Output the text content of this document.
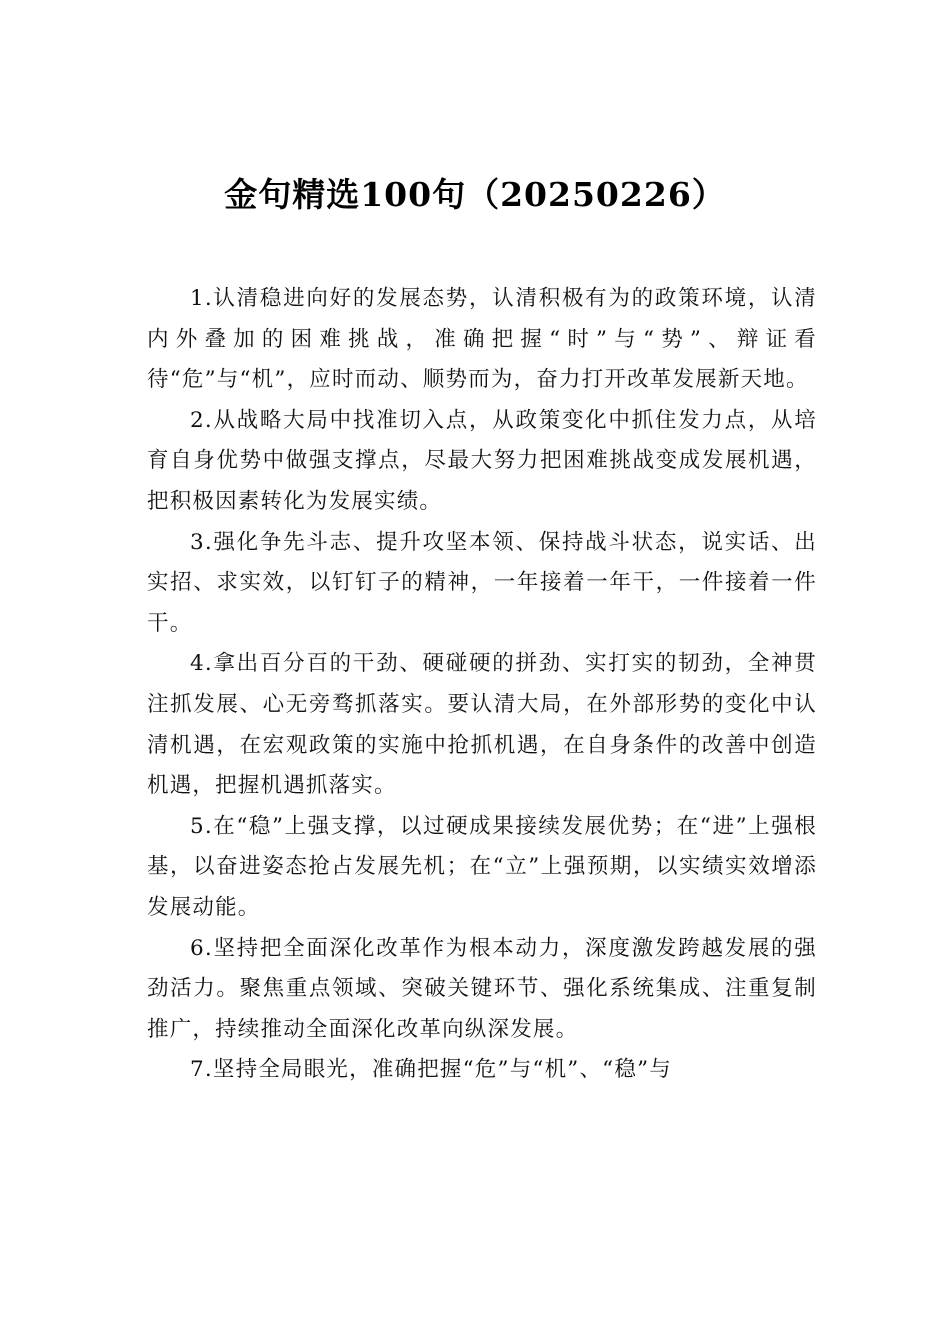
金句精选100句（20250226）

1.认清稳进向好的发展态势，认清积极有为的政策环境，认清内外叠加的困难挑战，准确把握“时”与“势”、辩证看待“危”与“机”，应时而动、顺势而为，奋力打开改革发展新天地。

2.从战略大局中找准切入点，从政策变化中抓住发力点，从培育自身优势中做强支撑点，尽最大努力把困难挑战变成发展机遇，把积极因素转化为发展实绩。

3.强化争先斗志、提升攻坚本领、保持战斗状态，说实话、出实招、求实效，以钉钉子的精神，一年接着一年干，一件接着一件干。

4.拿出百分百的干劲、硬碰硬的拼劲、实打实的韧劲，全神贯注抓发展、心无旁骛抓落实。要认清大局，在外部形势的变化中认清机遇，在宏观政策的实施中抢抓机遇，在自身条件的改善中创造机遇，把握机遇抓落实。

5.在“稳”上强支撑，以过硬成果接续发展优势；在“进”上强根基，以奋进姿态抢占发展先机；在“立”上强预期，以实绩实效增添发展动能。

6.坚持把全面深化改革作为根本动力，深度激发跨越发展的强劲活力。聚焦重点领域、突破关键环节、强化系统集成、注重复制推广，持续推动全面深化改革向纵深发展。

7.坚持全局眼光，准确把握“危”与“机”、“稳”与
